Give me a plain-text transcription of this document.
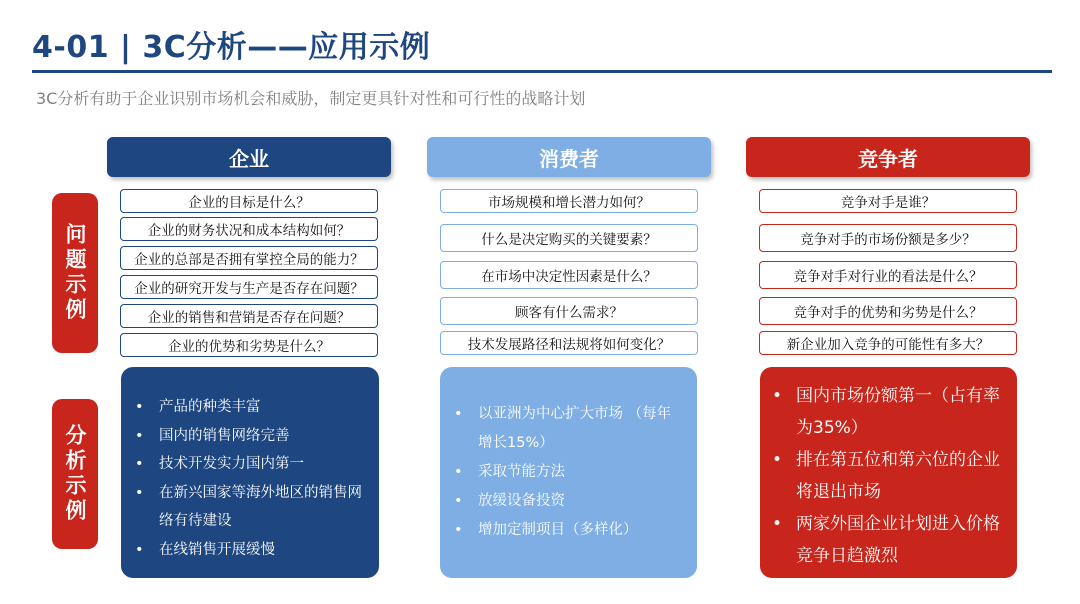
4-01 | 3C分析——应用示例
3C分析有助于企业识别市场机会和威胁，制定更具针对性和可行性的战略计划
企业	消费者	竞争者
问题示例
分析示例
企业的目标是什么？
企业的财务状况和成本结构如何？
企业的总部是否拥有掌控全局的能力？
企业的研究开发与生产是否存在问题？
企业的销售和营销是否存在问题？
企业的优势和劣势是什么？
市场规模和增长潜力如何？
什么是决定购买的关键要素？
在市场中决定性因素是什么？
顾客有什么需求？
技术发展路径和法规将如何变化？
竞争对手是谁？
竞争对手的市场份额是多少？
竞争对手对行业的看法是什么？
竞争对手的优势和劣势是什么？
新企业加入竞争的可能性有多大？
• 产品的种类丰富
• 国内的销售网络完善
• 技术开发实力国内第一
• 在新兴国家等海外地区的销售网络有待建设
• 在线销售开展缓慢
• 以亚洲为中心扩大市场 （每年增长15%）
• 采取节能方法
• 放缓设备投资
• 增加定制项目（多样化）
• 国内市场份额第一（占有率为35%）
• 排在第五位和第六位的企业将退出市场
• 两家外国企业计划进入价格竞争日趋激烈
